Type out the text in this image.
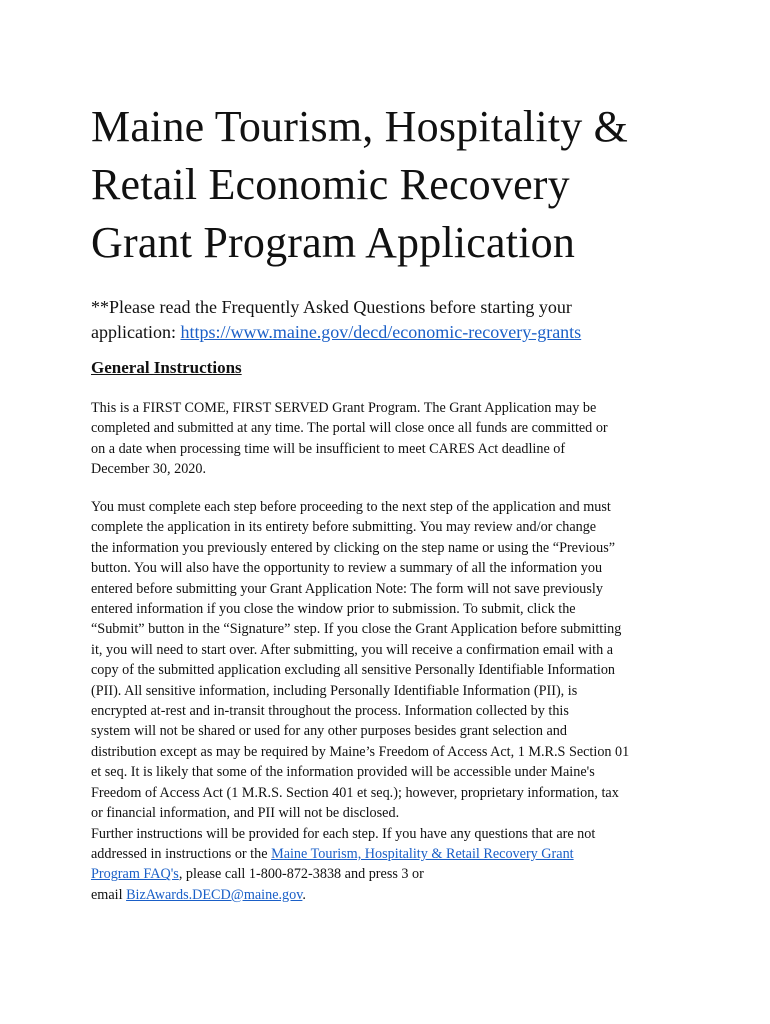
Maine Tourism, Hospitality &
Retail Economic Recovery
Grant Program Application
**Please read the Frequently Asked Questions before starting your
application: https://www.maine.gov/decd/economic-recovery-grants
General Instructions
This is a FIRST COME, FIRST SERVED Grant Program. The Grant Application may be
completed and submitted at any time. The portal will close once all funds are committed or
on a date when processing time will be insufficient to meet CARES Act deadline of
December 30, 2020.
You must complete each step before proceeding to the next step of the application and must
complete the application in its entirety before submitting. You may review and/or change
the information you previously entered by clicking on the step name or using the “Previous”
button. You will also have the opportunity to review a summary of all the information you
entered before submitting your Grant Application Note: The form will not save previously
entered information if you close the window prior to submission. To submit, click the
“Submit” button in the “Signature” step. If you close the Grant Application before submitting
it, you will need to start over. After submitting, you will receive a confirmation email with a
copy of the submitted application excluding all sensitive Personally Identifiable Information
(PII). All sensitive information, including Personally Identifiable Information (PII), is
encrypted at-rest and in-transit throughout the process. Information collected by this
system will not be shared or used for any other purposes besides grant selection and
distribution except as may be required by Maine’s Freedom of Access Act, 1 M.R.S Section 01
et seq. It is likely that some of the information provided will be accessible under Maine's
Freedom of Access Act (1 M.R.S. Section 401 et seq.); however, proprietary information, tax
or financial information, and PII will not be disclosed.
Further instructions will be provided for each step. If you have any questions that are not
addressed in instructions or the Maine Tourism, Hospitality & Retail Recovery Grant
Program FAQ's, please call 1-800-872-3838 and press 3 or
email BizAwards.DECD@maine.gov.
